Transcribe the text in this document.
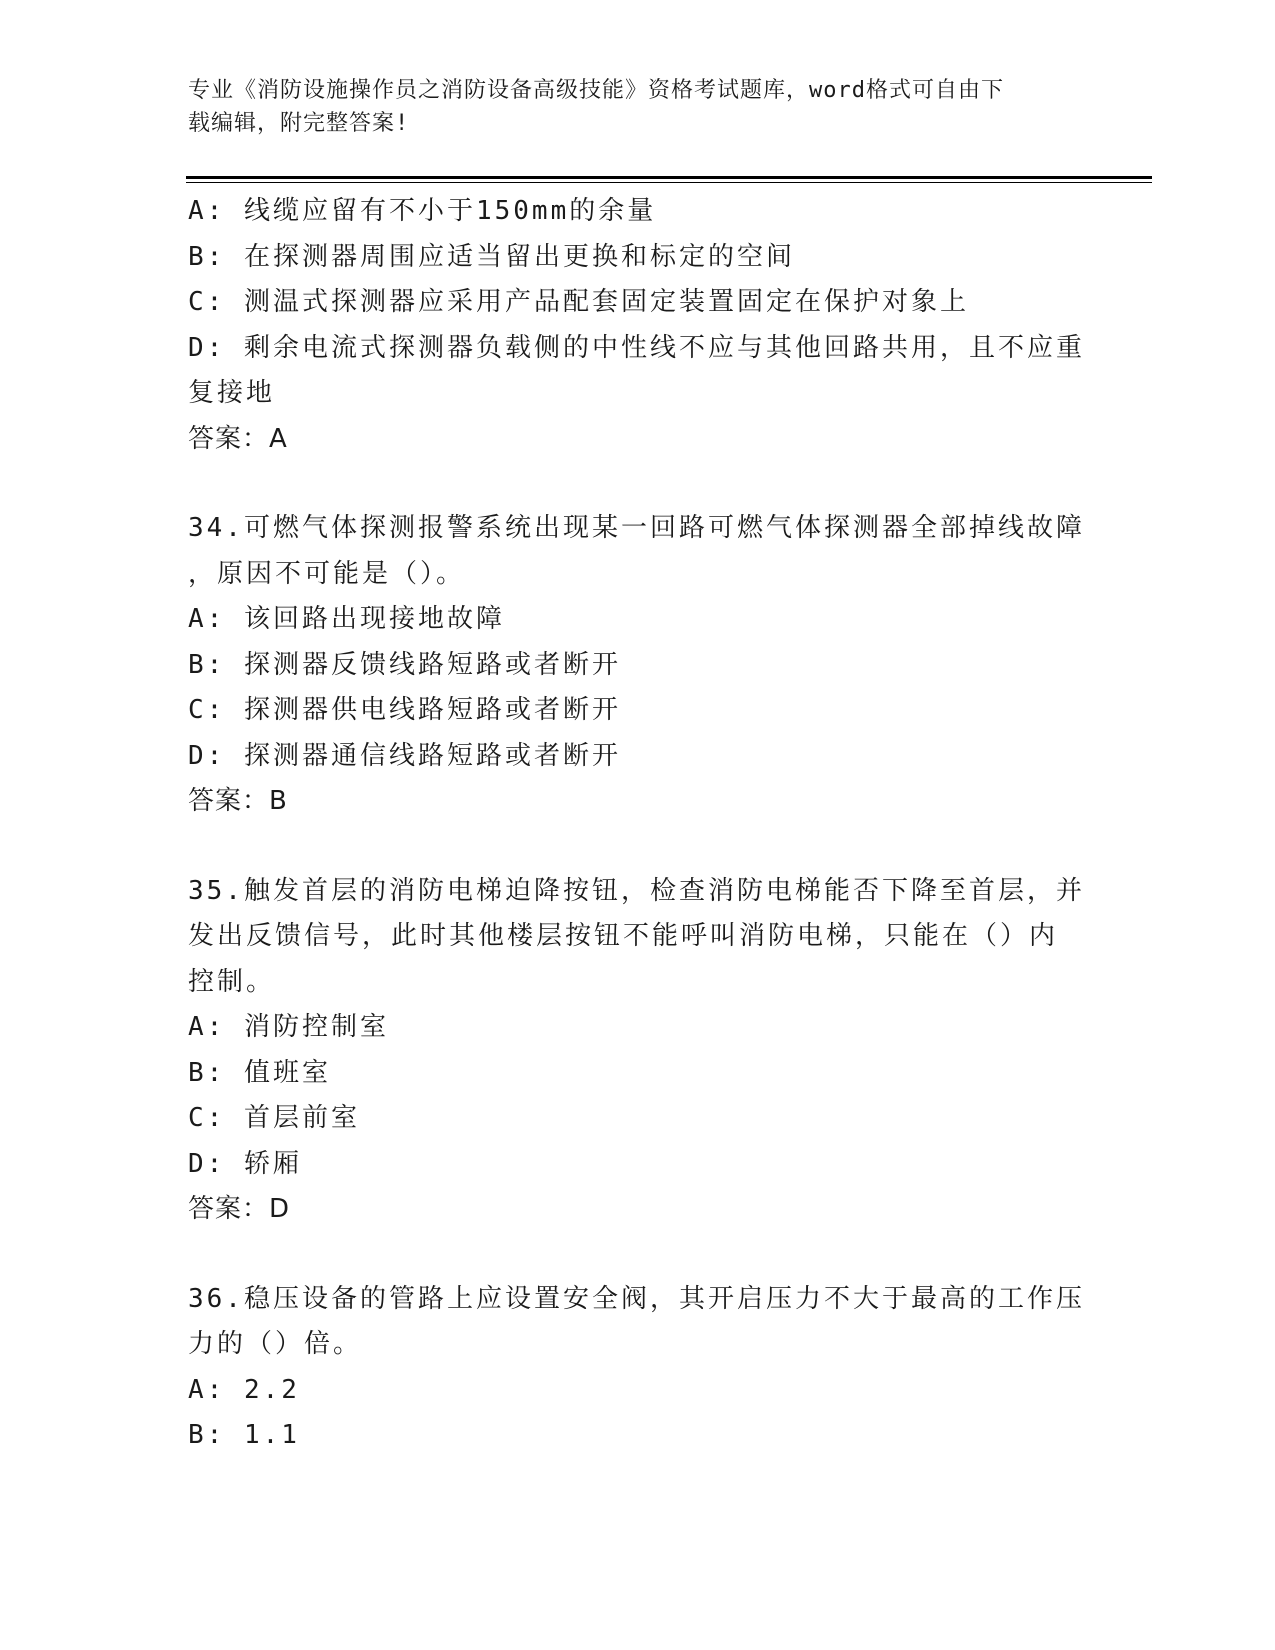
专业《消防设施操作员之消防设备高级技能》资格考试题库，word格式可自由下
载编辑，附完整答案!
A: 线缆应留有不小于150mm的余量
B: 在探测器周围应适当留出更换和标定的空间
C: 测温式探测器应采用产品配套固定装置固定在保护对象上
D: 剩余电流式探测器负载侧的中性线不应与其他回路共用，且不应重
复接地
答案：A
34.可燃气体探测报警系统出现某一回路可燃气体探测器全部掉线故障
，原因不可能是（）。
A: 该回路出现接地故障
B: 探测器反馈线路短路或者断开
C: 探测器供电线路短路或者断开
D: 探测器通信线路短路或者断开
答案：B
35.触发首层的消防电梯迫降按钮，检查消防电梯能否下降至首层，并
发出反馈信号，此时其他楼层按钮不能呼叫消防电梯，只能在（）内
控制。
A: 消防控制室
B: 值班室
C: 首层前室
D: 轿厢
答案：D
36.稳压设备的管路上应设置安全阀，其开启压力不大于最高的工作压
力的（）倍。
A: 2.2
B: 1.1
